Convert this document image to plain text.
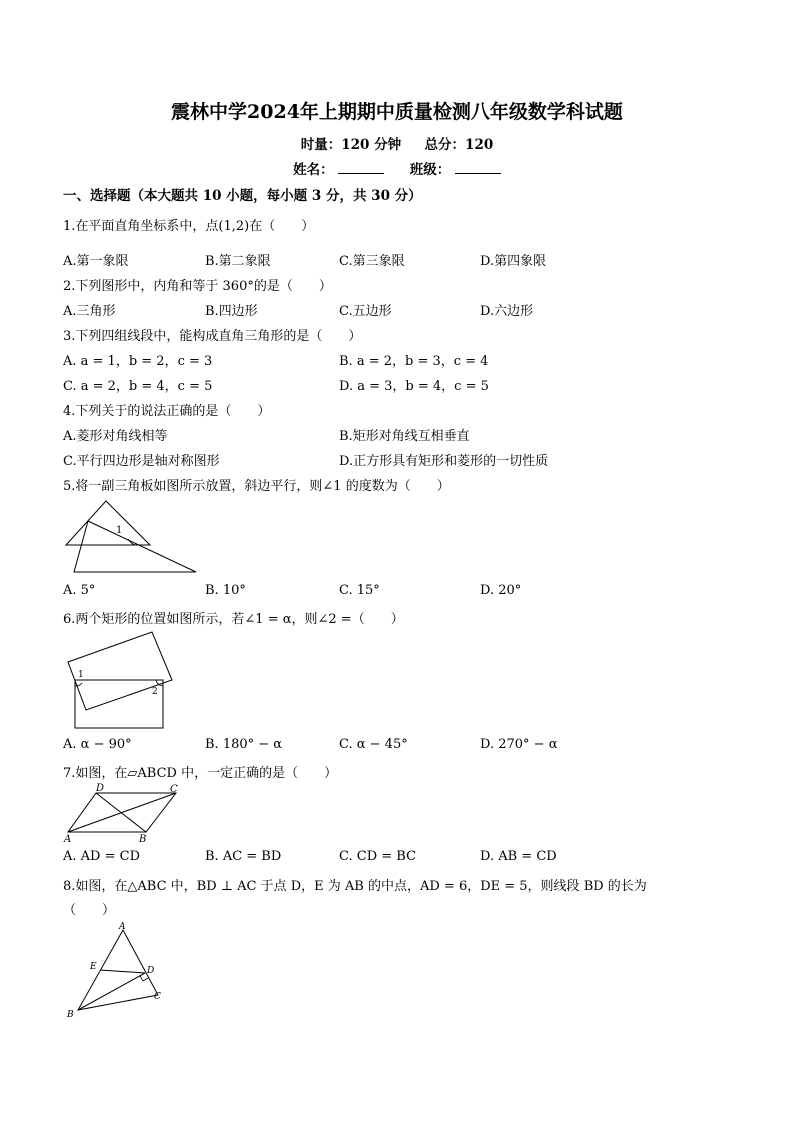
震林中学2024年上期期中质量检测八年级数学科试题
时量：120 分钟 总分：120
姓名：	班级：
一、选择题（本大题共 10 小题，每小题 3 分，共 30 分）
1.在平面直角坐标系中，点(1,2)在（　　）
A.第一象限	B.第二象限	C.第三象限	D.第四象限
2.下列图形中，内角和等于 360°的是（　　）
A.三角形	B.四边形	C.五边形	D.六边形
3.下列四组线段中，能构成直角三角形的是（　　）
A. a = 1，b = 2，c = 3	B. a = 2，b = 3，c = 4
C. a = 2，b = 4，c = 5	D. a = 3，b = 4，c = 5
4.下列关于的说法正确的是（　　）
A.菱形对角线相等	B.矩形对角线互相垂直
C.平行四边形是轴对称图形	D.正方形具有矩形和菱形的一切性质
5.将一副三角板如图所示放置，斜边平行，则∠1 的度数为（　　）
1
A. 5°	B. 10°	C. 15°	D. 20°
6.两个矩形的位置如图所示，若∠1 = α，则∠2 =（　　）
1
2
A. α − 90°	B. 180° − α	C. α − 45°	D. 270° − α
7.如图，在▱ABCD 中，一定正确的是（　　）
D	C
A	B
A. AD = CD	B. AC = BD	C. CD = BC	D. AB = CD
8.如图，在△ABC 中，BD ⊥ AC 于点 D，E 为 AB 的中点，AD = 6，DE = 5，则线段 BD 的长为
（　　）
A
E	D
C
B
